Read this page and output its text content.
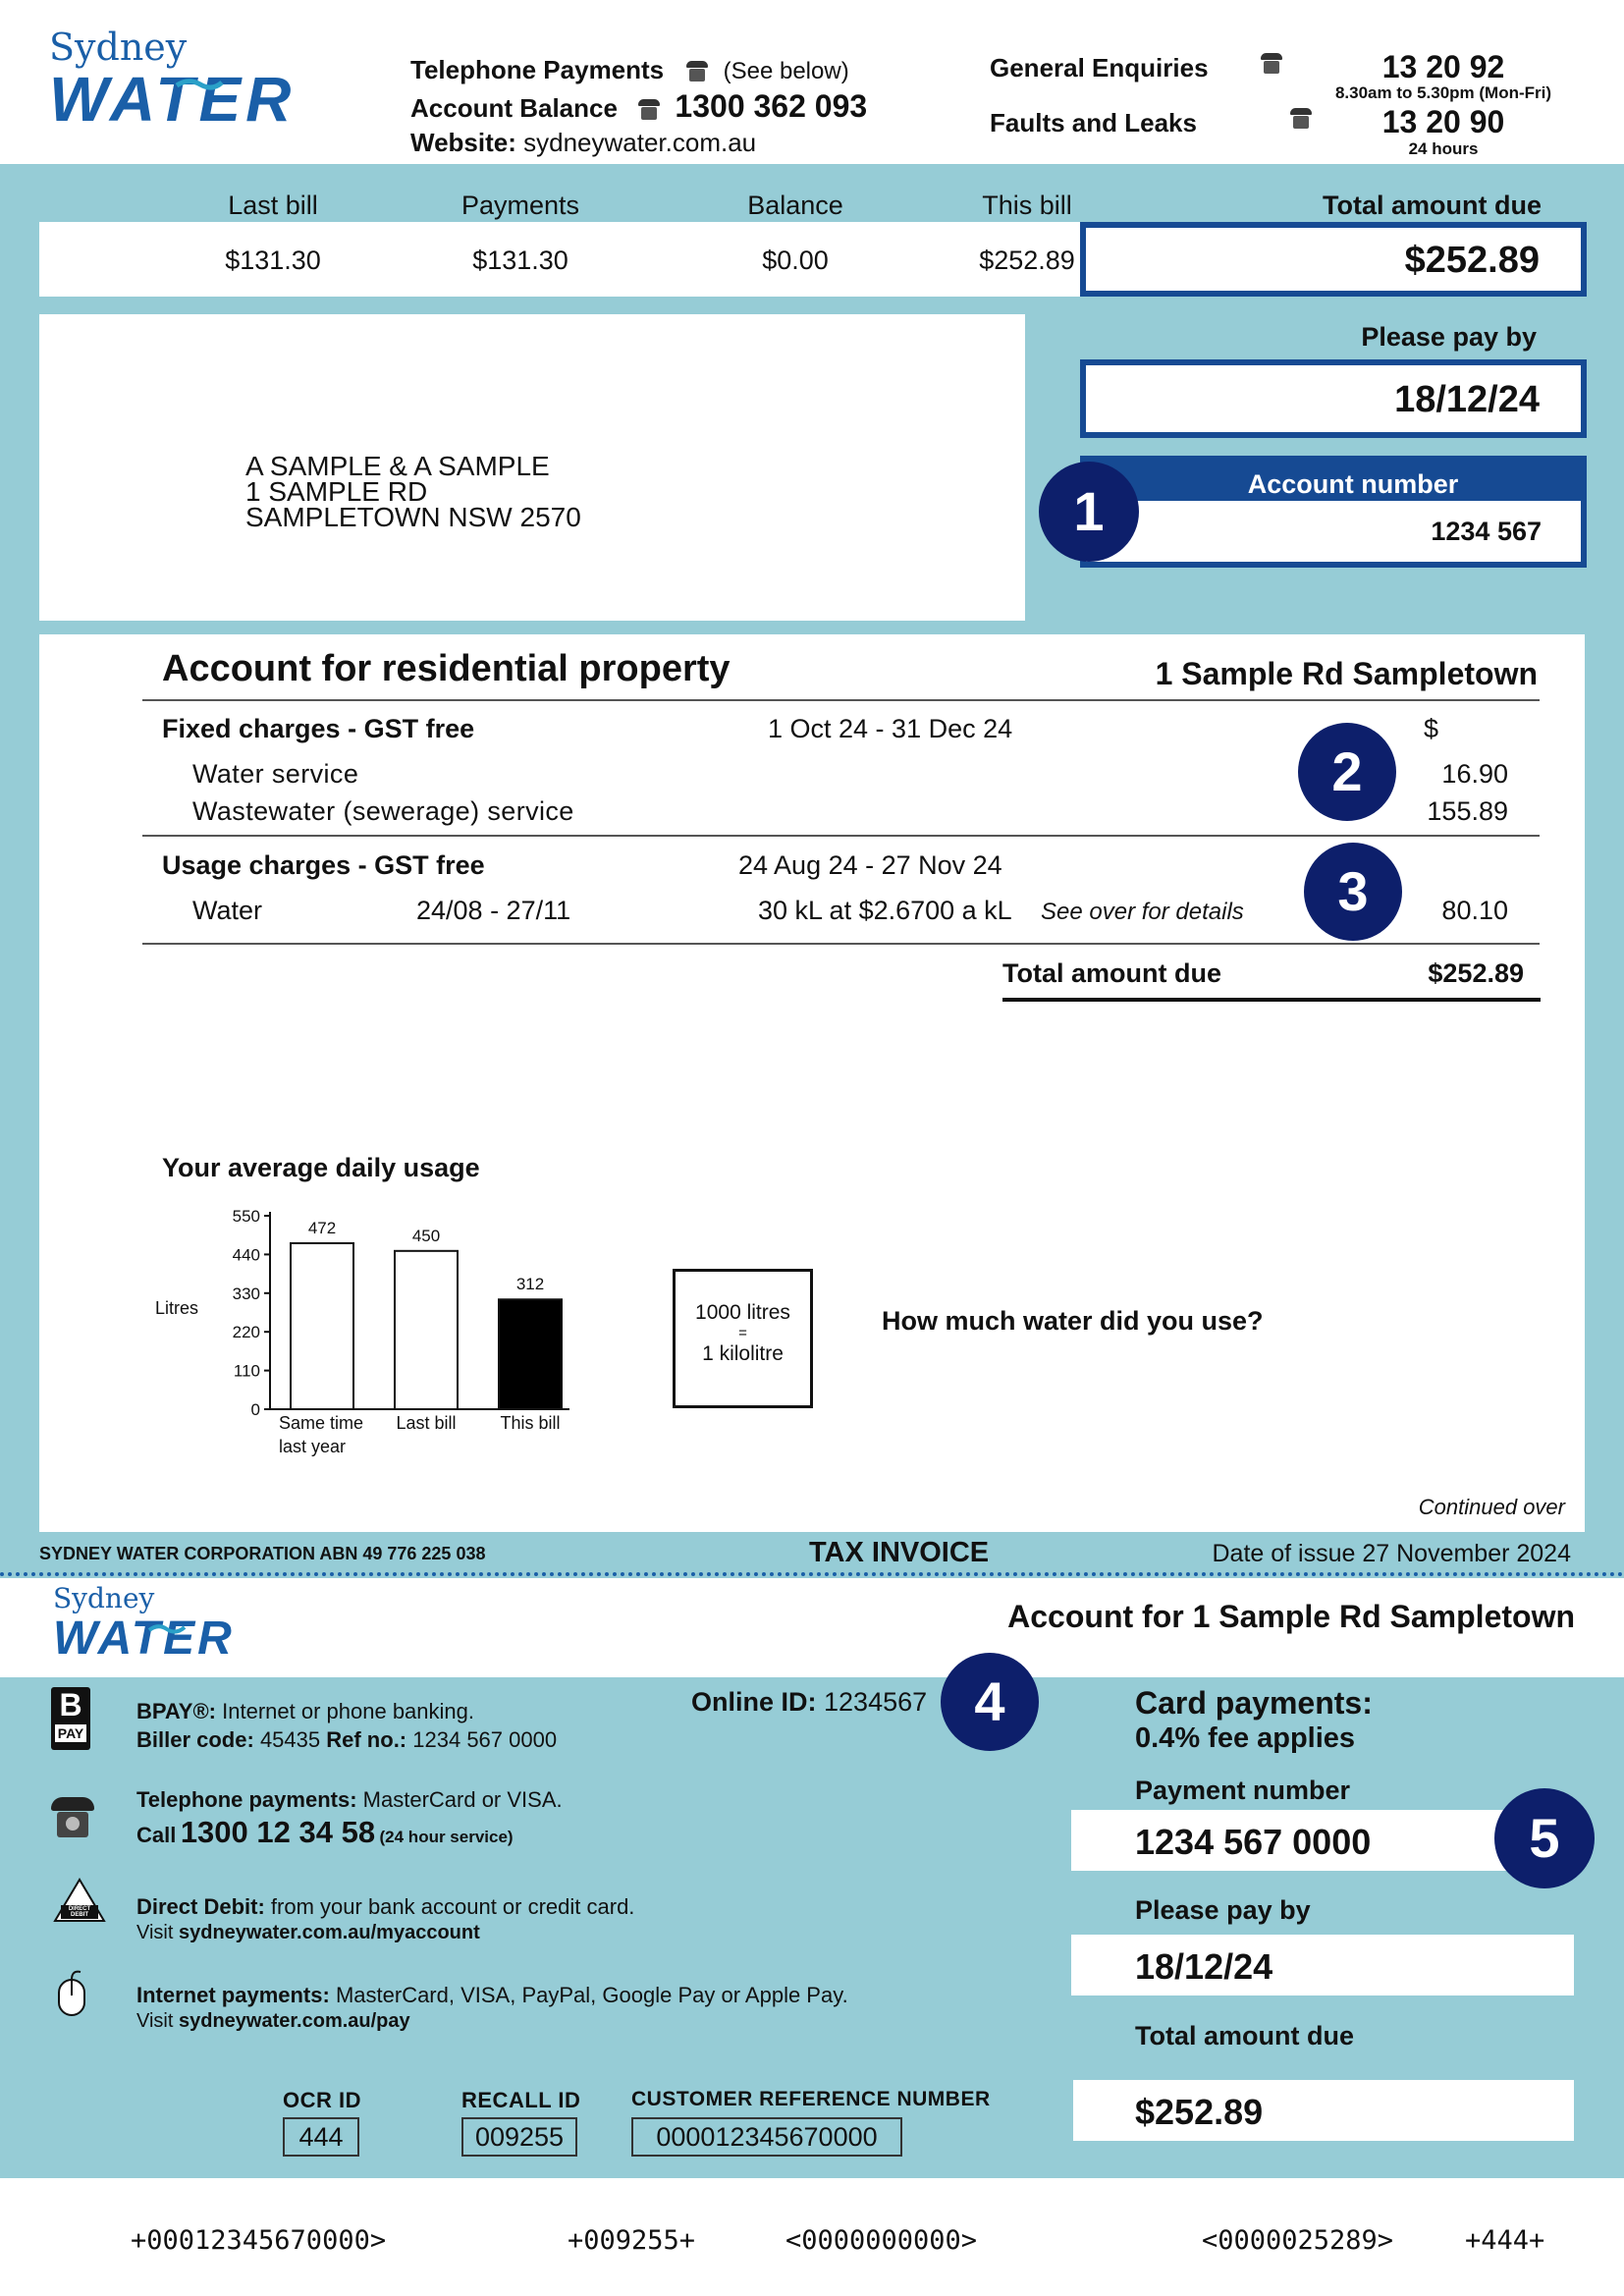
Sydney
WATER	Telephone Payments	(See below)
Account Balance 1300 362 093
Website: sydneywater.com.au
General Enquiries
	13 20 92
8.30am to 5.30pm (Mon-Fri)
Faults and Leaks	13 20 90
24 hours
Last bill	Payments	Balance	This bill	Total amount due
$131.30	$131.30	$0.00	$252.89	$252.89
A SAMPLE & A SAMPLE
1 SAMPLE RD
SAMPLETOWN NSW 2570
Please pay by
18/12/24
Account number
1234 567
1
Account for residential property	1 Sample Rd Sampletown
Fixed charges - GST free	1 Oct 24 - 31 Dec 24	$
Water service	16.90
Wastewater (sewerage) service	155.89
2
Usage charges - GST free	24 Aug 24 - 27 Nov 24
Water	24/08 - 27/11	30 kL at $2.6700 a kL See over for details	80.10
3
Total amount due	$252.89
Your average daily usage
0
110
220
330
440
550
Litres
472
Same time
last year
450
Last bill
312
This bill
1000 litres
=
1 kilolitre
How much water did you use?
Continued over
SYDNEY WATER CORPORATION ABN 49 776 225 038	TAX INVOICE	Date of issue 27 November 2024
Sydney
WATER	Account for 1 Sample Rd Sampletown
B
PAY
BPAY®: Internet or phone banking.
Biller code: 45435 Ref no.: 1234 567 0000
Online ID: 1234567 4
Telephone payments: MasterCard or VISA.
Call 1300 12 34 58 (24 hour service)
DIRECT DEBIT	Direct Debit: from your bank account or credit card.
Visit sydneywater.com.au/myaccount
Internet payments: MasterCard, VISA, PayPal, Google Pay or Apple Pay.
Visit sydneywater.com.au/pay
OCR ID
444
RECALL ID
009255
CUSTOMER REFERENCE NUMBER
000012345670000
Card payments:
0.4% fee applies
Payment number
1234 567 0000	5
Please pay by
18/12/24
Total amount due
$252.89
+00012345670000>	+009255+	<0000000000>	<0000025289>	+444+
